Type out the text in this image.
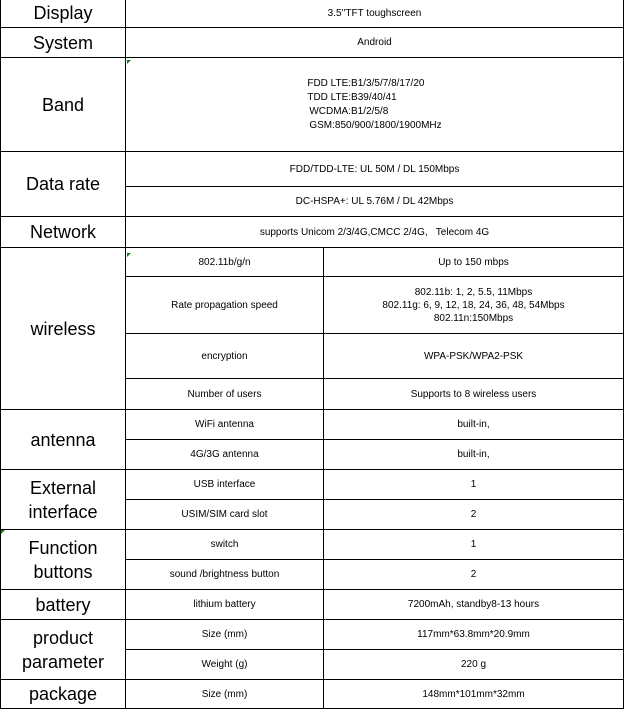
Display	3.5''TFT toughscreen	
System	Android	
Band	FDD LTE:B1/3/5/7/8/17/20
TDD LTE:B39/40/41
WCDMA:B1/2/5/8
GSM:850/900/1800/1900MHz	

Data rate	FDD/TDD-LTE: UL 50M / DL 150Mbps	
	DC-HSPA+: UL 5.76M / DL 42Mbps	
Network	supports Unicom 2/3/4G,CMCC 2/4G,   Telecom 4G	
wireless	802.11b/g/n	Up to 150 mbps
	Rate propagation speed	802.11b: 1, 2, 5.5, 11Mbps
802.11g: 6, 9, 12, 18, 24, 36, 48, 54Mbps
802.11n:150Mbps

	encryption	WPA-PSK/WPA2-PSK
	Number of users	Supports to 8 wireless users
antenna	WiFi antenna	built-in,
	4G/3G antenna	built-in,

External
interface	USB interface	1
	USIM/SIM card slot	2

Function
buttons	switch	1
	sound /brightness button	2
battery	lithium battery	7200mAh, standby8-13 hours

product
parameter	Size (mm)	117mm*63.8mm*20.9mm
	Weight (g)	220 g
package	Size (mm)	148mm*101mm*32mm
